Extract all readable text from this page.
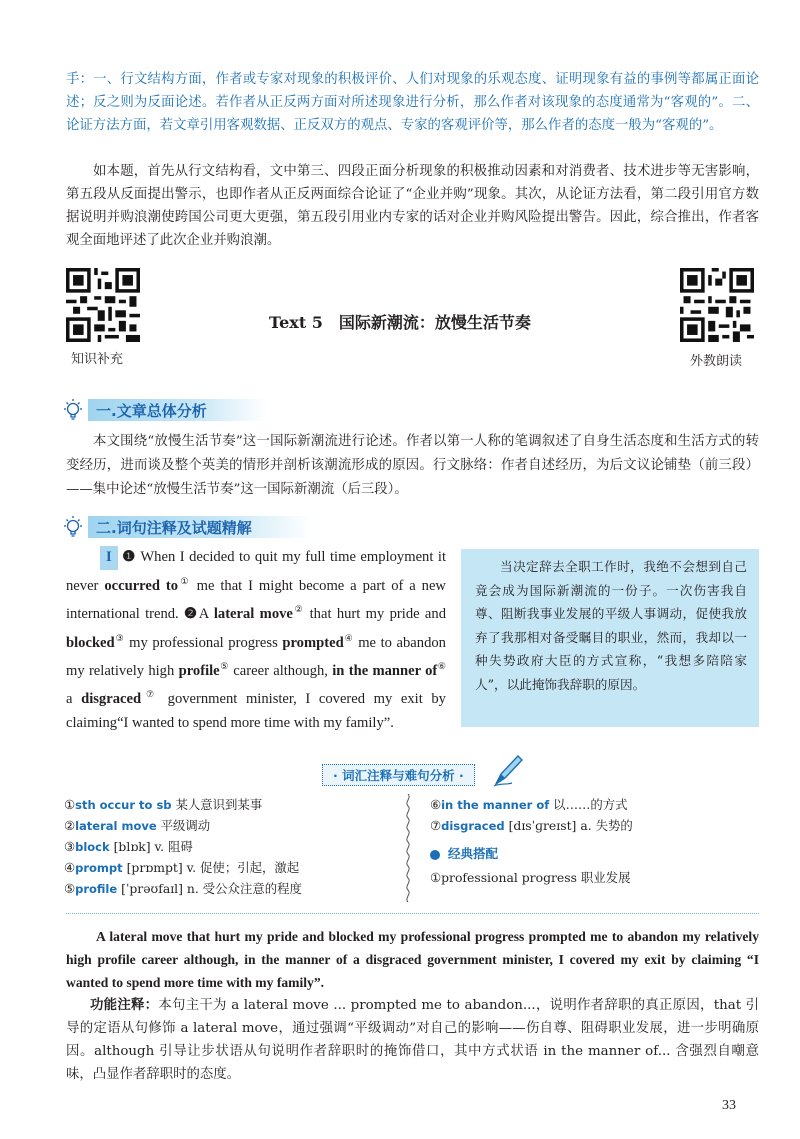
手：一、行文结构方面，作者或专家对现象的积极评价、人们对现象的乐观态度、证明现象有益的事例等都属正面论述；反之则为反面论述。若作者从正反两方面对所述现象进行分析，那么作者对该现象的态度通常为“客观的”。二、论证方法方面，若文章引用客观数据、正反双方的观点、专家的客观评价等，那么作者的态度一般为“客观的”。
如本题，首先从行文结构看，文中第三、四段正面分析现象的积极推动因素和对消费者、技术进步等无害影响，第五段从反面提出警示，也即作者从正反两面综合论证了“企业并购”现象。其次，从论证方法看，第二段引用官方数据说明并购浪潮使跨国公司更大更强，第五段引用业内专家的话对企业并购风险提出警告。因此，综合推出，作者客观全面地评述了此次企业并购浪潮。
知识补充	外教朗读
Text 5　国际新潮流：放慢生活节奏
一.文章总体分析
本文围绕“放慢生活节奏”这一国际新潮流进行论述。作者以第一人称的笔调叙述了自身生活态度和生活方式的转变经历，进而谈及整个英美的情形并剖析该潮流形成的原因。行文脉络：作者自述经历，为后文议论铺垫（前三段）——集中论述“放慢生活节奏”这一国际新潮流（后三段）。
二.词句注释及试题精解
I ❶ When I decided to quit my full time employment it never occurred to① me that I might become a part of a new international trend. ❷A lateral move② that hurt my pride and blocked③ my professional progress prompted④ me to abandon my relatively high profile⑤ career although, in the manner of⑥ a disgraced⑦ government minister, I covered my exit by claiming“I wanted to spend more time with my family”.
当决定辞去全职工作时，我绝不会想到自己竟会成为国际新潮流的一份子。一次伤害我自尊、阻断我事业发展的平级人事调动，促使我放弃了我那相对备受瞩目的职业，然而，我却以一种失势政府大臣的方式宣称，“我想多陪陪家人”，以此掩饰我辞职的原因。
· 词汇注释与难句分析 ·
①sth occur to sb 某人意识到某事
②lateral move 平级调动
③block [blɒk] v. 阻碍
④prompt [prɒmpt] v. 促使；引起，激起
⑤profile [ˈprəʊfaɪl] n. 受公众注意的程度
⑥in the manner of 以……的方式
⑦disgraced [dɪsˈɡreɪst] a. 失势的
经典搭配
①professional progress 职业发展
A lateral move that hurt my pride and blocked my professional progress prompted me to abandon my relatively high profile career although, in the manner of a disgraced government minister, I covered my exit by claiming “I wanted to spend more time with my family”.
功能注释：本句主干为 a lateral move ... prompted me to abandon...，说明作者辞职的真正原因，that 引导的定语从句修饰 a lateral move，通过强调“平级调动”对自己的影响——伤自尊、阻碍职业发展，进一步明确原因。although 引导让步状语从句说明作者辞职时的掩饰借口，其中方式状语 in the manner of... 含强烈自嘲意味，凸显作者辞职时的态度。
33
